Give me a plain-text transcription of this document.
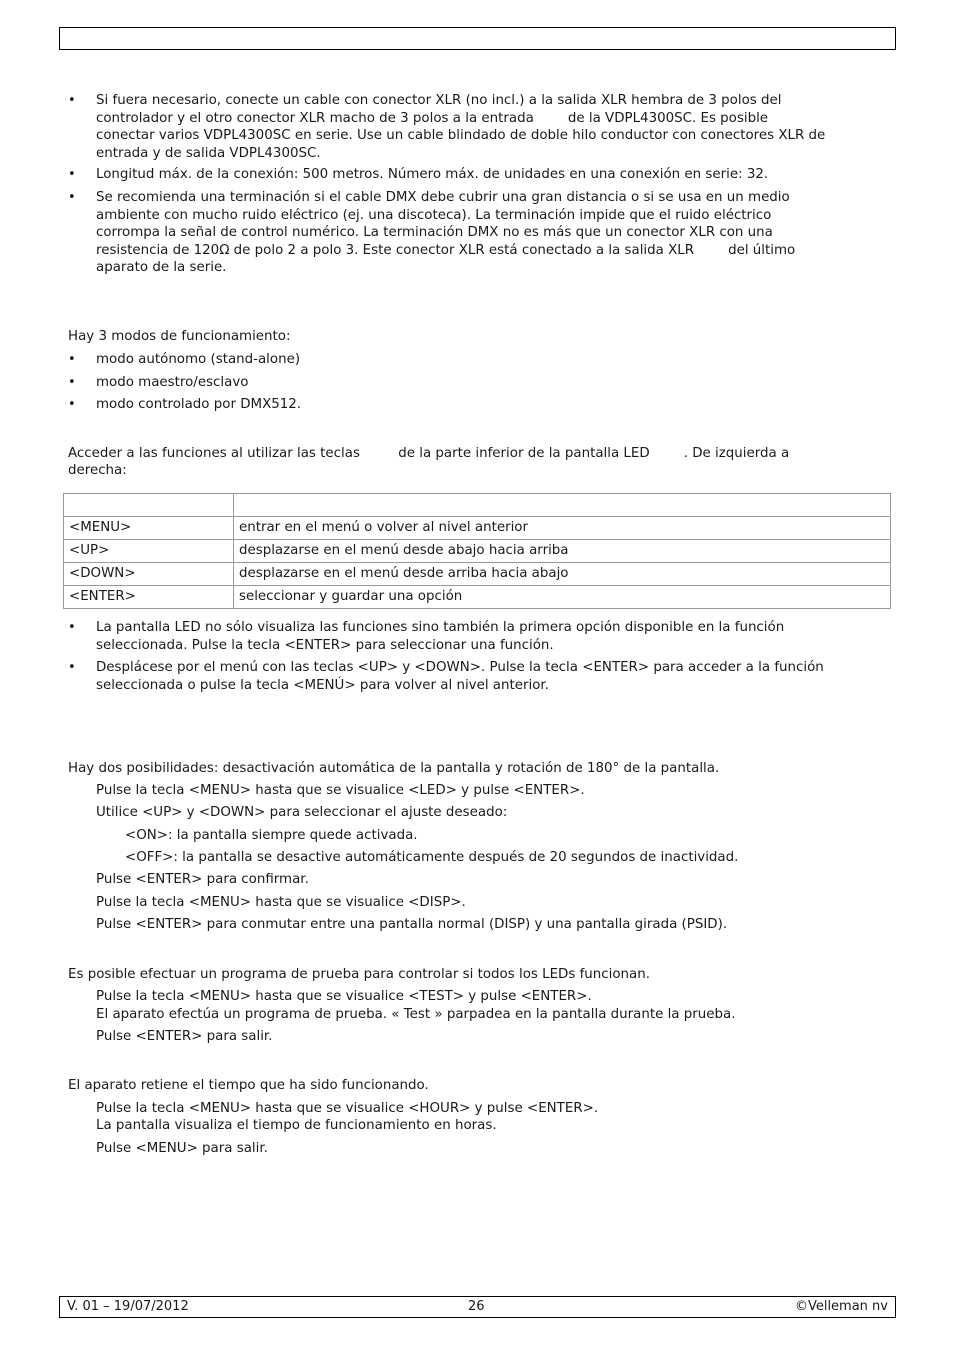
• Si fuera necesario, conecte un cable con conector XLR (no incl.) a la salida XLR hembra de 3 polos del
controlador y el otro conector XLR macho de 3 polos a la entrada        de la VDPL4300SC. Es posible
conectar varios VDPL4300SC en serie. Use un cable blindado de doble hilo conductor con conectores XLR de
entrada y de salida VDPL4300SC.
• Longitud máx. de la conexión: 500 metros. Número máx. de unidades en una conexión en serie: 32.
• Se recomienda una terminación si el cable DMX debe cubrir una gran distancia o si se usa en un medio
ambiente con mucho ruido eléctrico (ej. una discoteca). La terminación impide que el ruido eléctrico
corrompa la señal de control numérico. La terminación DMX no es más que un conector XLR con una
resistencia de 120Ω de polo 2 a polo 3. Este conector XLR está conectado a la salida XLR        del último
aparato de la serie.
Hay 3 modos de funcionamiento:
• modo autónomo (stand-alone)
• modo maestro/esclavo
• modo controlado por DMX512.
Acceder a las funciones al utilizar las teclas         de la parte inferior de la pantalla LED        . De izquierda a
derecha:

<MENU>	entrar en el menú o volver al nivel anterior
<UP>	desplazarse en el menú desde abajo hacia arriba
<DOWN>	desplazarse en el menú desde arriba hacia abajo
<ENTER>	seleccionar y guardar una opción
• La pantalla LED no sólo visualiza las funciones sino también la primera opción disponible en la función
seleccionada. Pulse la tecla <ENTER> para seleccionar una función.
• Desplácese por el menú con las teclas <UP> y <DOWN>. Pulse la tecla <ENTER> para acceder a la función
seleccionada o pulse la tecla <MENÚ> para volver al nivel anterior.
Hay dos posibilidades: desactivación automática de la pantalla y rotación de 180° de la pantalla.
Pulse la tecla <MENU> hasta que se visualice <LED> y pulse <ENTER>.
Utilice <UP> y <DOWN> para seleccionar el ajuste deseado:
<ON>: la pantalla siempre quede activada.
<OFF>: la pantalla se desactive automáticamente después de 20 segundos de inactividad.
Pulse <ENTER> para confirmar.
Pulse la tecla <MENU> hasta que se visualice <DISP>.
Pulse <ENTER> para conmutar entre una pantalla normal (DISP) y una pantalla girada (PSID).
Es posible efectuar un programa de prueba para controlar si todos los LEDs funcionan.
Pulse la tecla <MENU> hasta que se visualice <TEST> y pulse <ENTER>.
El aparato efectúa un programa de prueba. « Test » parpadea en la pantalla durante la prueba.
Pulse <ENTER> para salir.
El aparato retiene el tiempo que ha sido funcionando.
Pulse la tecla <MENU> hasta que se visualice <HOUR> y pulse <ENTER>.
La pantalla visualiza el tiempo de funcionamiento en horas.
Pulse <MENU> para salir.
V. 01 – 19/07/2012	26	©Velleman nv
